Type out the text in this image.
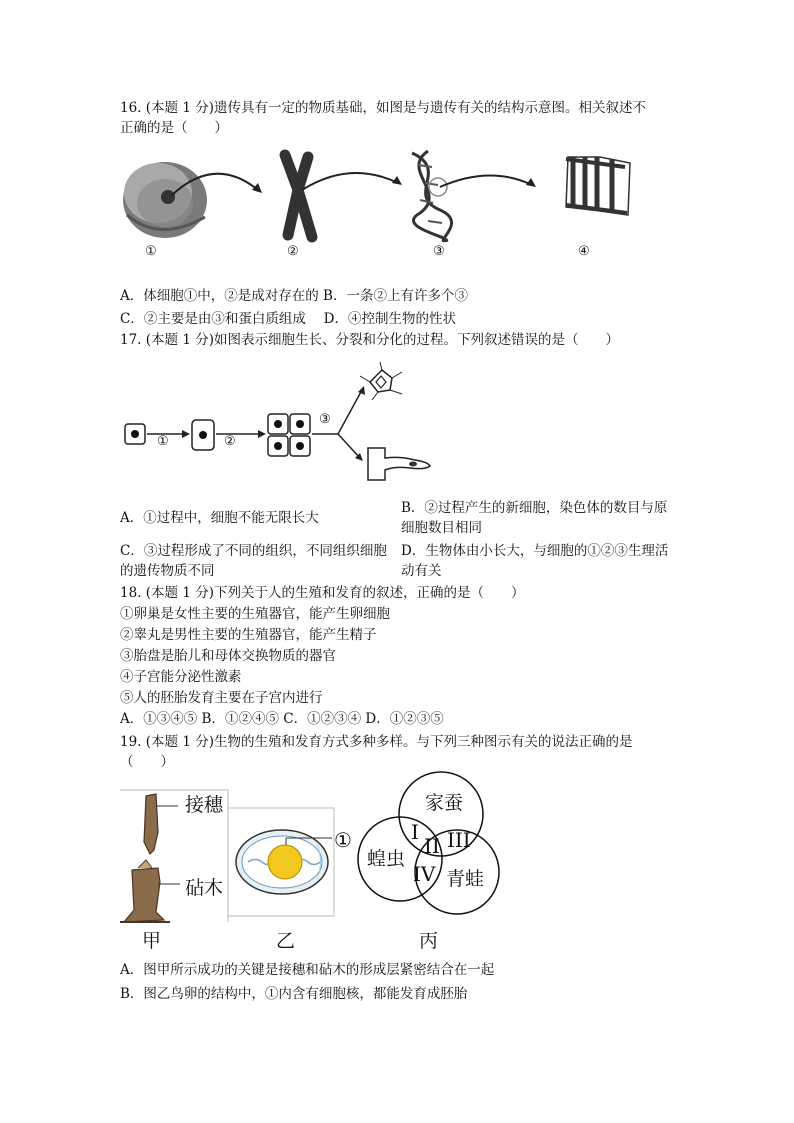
16. (本题 1 分)遗传具有一定的物质基础，如图是与遗传有关的结构示意图。相关叙述不
正确的是（　　）
①	②	③	④
A．体细胞①中，②是成对存在的 B．一条②上有许多个③
C．②主要是由③和蛋白质组成　 D．④控制生物的性状
17. (本题 1 分)如图表示细胞生长、分裂和分化的过程。下列叙述错误的是（　　）
①	②
③
A．①过程中，细胞不能无限长大
B．②过程产生的新细胞，染色体的数目与原细胞数目相同
C．③过程形成了不同的组织，不同组织细胞的遗传物质不同
D．生物体由小长大，与细胞的①②③生理活动有关
18. (本题 1 分)下列关于人的生殖和发育的叙述，正确的是（　　）
①卵巢是女性主要的生殖器官，能产生卵细胞
②睾丸是男性主要的生殖器官，能产生精子
③胎盘是胎儿和母体交换物质的器官
④子宫能分泌性激素
⑤人的胚胎发育主要在子宫内进行
A．①③④⑤ B．①②④⑤ C．①②③④ D．①②③⑤
19. (本题 1 分)生物的生殖和发育方式多种多样。与下列三种图示有关的说法正确的是
（　　）
接穗
砧木
①
家蚕
蝗虫
青蛙
I
II III
IV
甲	乙	丙
A．图甲所示成功的关键是接穗和砧木的形成层紧密结合在一起
B．图乙鸟卵的结构中，①内含有细胞核，都能发育成胚胎
